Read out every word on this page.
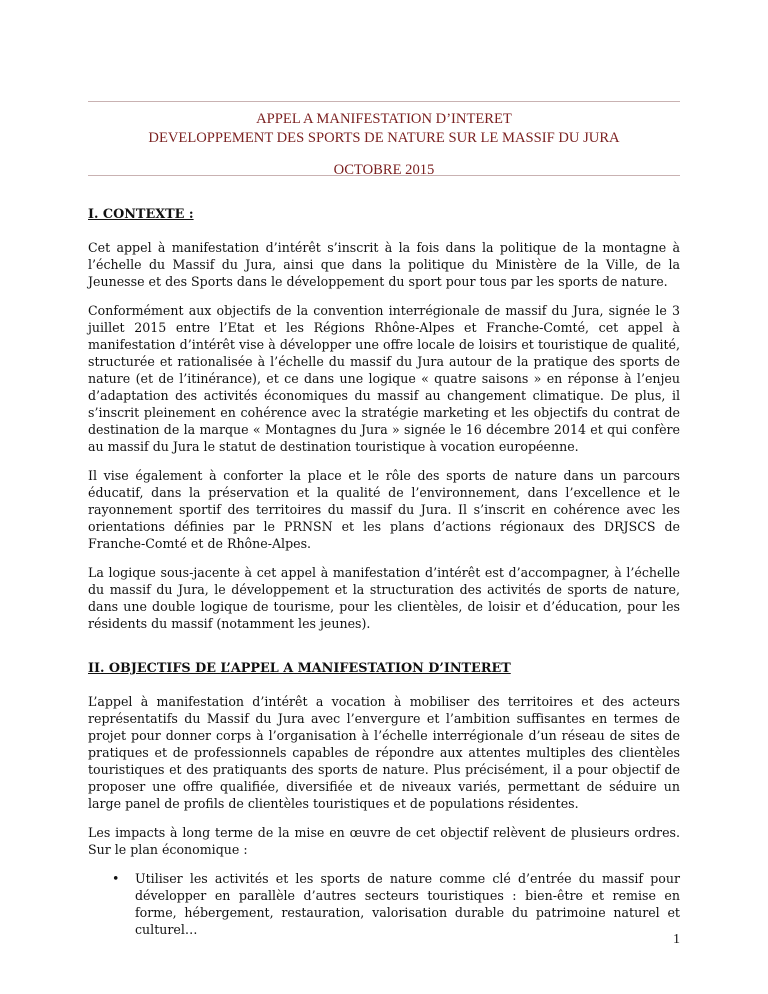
APPEL A MANIFESTATION D’INTERET
DEVELOPPEMENT DES SPORTS DE NATURE SUR LE MASSIF DU JURA
OCTOBRE 2015
I. CONTEXTE :

Cet appel à manifestation d’intérêt s’inscrit à la fois dans la politique de la montagne à l’échelle du Massif du Jura, ainsi que dans la politique du Ministère de la Ville, de la Jeunesse et des Sports dans le développement du sport pour tous par les sports de nature.

Conformément aux objectifs de la convention interrégionale de massif du Jura, signée le 3 juillet 2015 entre l’Etat et les Régions Rhône-Alpes et Franche-Comté, cet appel à manifestation d’intérêt vise à développer une offre locale de loisirs et touristique de qualité, structurée et rationalisée à l’échelle du massif du Jura autour de la pratique des sports de nature (et de l’itinérance), et ce dans une logique « quatre saisons » en réponse à l’enjeu d’adaptation des activités économiques du massif au changement climatique. De plus, il s’inscrit pleinement en cohérence avec la stratégie marketing et les objectifs du contrat de destination de la marque « Montagnes du Jura » signée le 16 décembre 2014 et qui confère au massif du Jura le statut de destination touristique à vocation européenne.

Il vise également à conforter la place et le rôle des sports de nature dans un parcours éducatif, dans la préservation et la qualité de l’environnement, dans l’excellence et le rayonnement sportif des territoires du massif du Jura. Il s’inscrit en cohérence avec les orientations définies par le PRNSN et les plans d’actions régionaux des DRJSCS de Franche-Comté et de Rhône-Alpes.

La logique sous-jacente à cet appel à manifestation d’intérêt est d’accompagner, à l’échelle du massif du Jura, le développement et la structuration des activités de sports de nature, dans une double logique de tourisme, pour les clientèles, de loisir et d’éducation, pour les résidents du massif (notamment les jeunes).

II. OBJECTIFS DE L’APPEL A MANIFESTATION D’INTERET

L’appel à manifestation d’intérêt a vocation à mobiliser des territoires et des acteurs représentatifs du Massif du Jura avec l’envergure et l’ambition suffisantes en termes de projet pour donner corps à l’organisation à l’échelle interrégionale d’un réseau de sites de pratiques et de professionnels capables de répondre aux attentes multiples des clientèles touristiques et des pratiquants des sports de nature. Plus précisément, il a pour objectif de proposer une offre qualifiée, diversifiée et de niveaux variés, permettant de séduire un large panel de profils de clientèles touristiques et de populations résidentes.

Les impacts à long terme de la mise en œuvre de cet objectif relèvent de plusieurs ordres. Sur le plan économique :

• Utiliser les activités et les sports de nature comme clé d’entrée du massif pour développer en parallèle d’autres secteurs touristiques : bien-être et remise en forme, hébergement, restauration, valorisation durable du patrimoine naturel et culturel…
1
